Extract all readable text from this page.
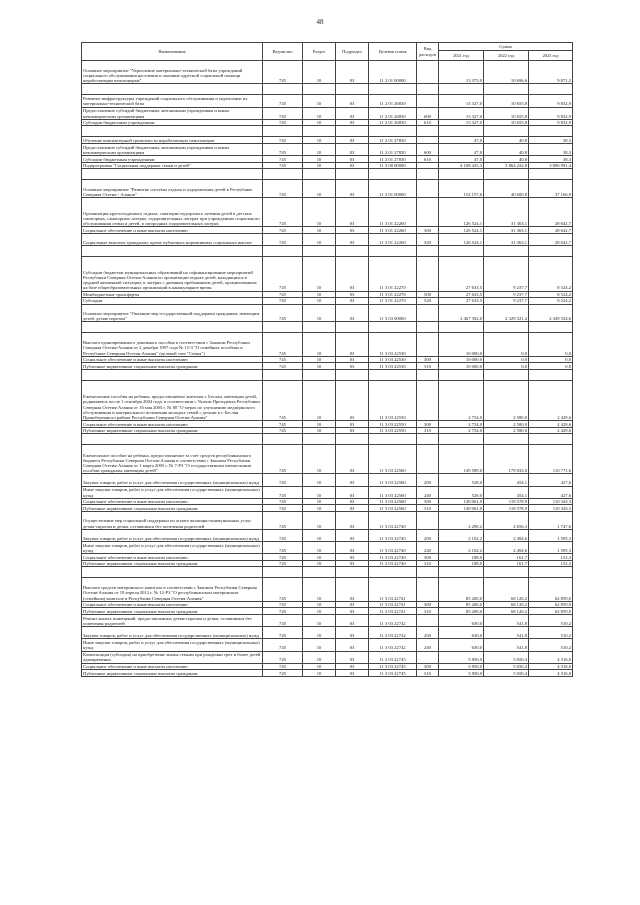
48
Наименование	Ведомство	Раздел	Подраздел	Целевая статья	Вид расходов	Сумма		
						2021 год	2022 год	2023 год
Основное мероприятие "Укрепление материально-технической базы учреждений социального обслуживания населения и оказание адресной социальной помощи неработающим пенсионерам"	745	10	03	11 2 01 00000		13 375,0	10 696,6	9 871,2

Развитие инфраструктуры учреждений социального обслуживания и укрепление их материально-технической базы	745	10	03	11 2 01 26830		13 327,0	10 655,8	9 832,9
Предоставление субсидий бюджетным, автономным учреждениям и иным некоммерческим организациям	745	10	03	11 2 01 26830	600	13 327,0	10 655,8	9 832,9
Субсидии бюджетным учреждениям	745	10	03	11 2 01 26830	610	13 327,0	10 655,8	9 832,9

Обучение компьютерной грамотности неработающих пенсионеров	745	10	03	11 2 01 27830		47,0	40,8	38,3
Предоставление субсидий бюджетным, автономным учреждениям и иным некоммерческим организациям	745	10	03	11 2 01 27830	600	47,0	40,8	38,3
Субсидии бюджетным учреждениям	745	10	03	11 2 01 27830	610	47,0	40,8	38,3
Подпрограмма "Социальная поддержка семьи и детей"	745	10	03	11 3 00 00000		4 108 435,3	3 864 222,8	3 896 991,4

Основное мероприятие "Развитие системы отдыха и оздоровления детей в Республике Северная Осетия - Алания"	745	10	03	11 3 01 00000		154 157,6	40 600,8	37 166,9
Организация круглогодичного отдыха, санаторно-курортного лечения детей в детских санаториях, санаторных лагерях, оздоровительных лагерях при учреждениях социального обслуживания семьи и детей, в загородных оздоровительных лагерях	745	10	03	11 3 01 22260		126 524,1	31 363,1	28 642,7
Социальное обеспечение и иные выплаты населению	745	10	03	11 3 01 22260	300	126 524,1	31 363,1	28 642,7
Социальные выплаты гражданам, кроме публичных нормативных социальных выплат	745	10	03	11 3 01 22260	320	126 524,1	31 363,1	28 642,7

Субсидии бюджетам муниципальных образований на софинансирование мероприятий Республики Северная Осетия-Алания по организации отдыха детей, находящихся в трудной жизненной ситуации, в лагерях с дневным пребыванием детей, организованных на базе общеобразовательных организаций в каникулярное время	745	10	03	11 3 01 22270		27 633,5	9 237,7	8 524,2
Межбюджетные трансферты	745	10	03	11 3 01 22270	500	27 633,5	9 237,7	8 524,2
Субсидии	745	10	03	11 3 01 22270	520	27 633,5	9 237,7	8 524,2
Основное мероприятие "Оказание мер государственной поддержки гражданам, имеющим детей, детям-сиротам"	745	10	03	11 3 03 00000		2 467 392,0	2 329 521,4	2 349 334,6

Выплата единовременного денежного пособия в соответствии с Законом Республики Северная Осетия-Алания от 2 декабря 1997 года № 15-З "О семейных пособиях в Республике Северная Осетия-Алания" (целевой счет "Семья")	745	10	03	11 3 03 22530		10 000,0	0,0	0,0
Социальное обеспечение и иные выплаты населению	745	10	03	11 3 03 22530	300	10 000,0	0,0	0,0
Публичные нормативные социальные выплаты гражданам	745	10	03	11 3 03 22530	310	10 000,0	0,0	0,0

Ежемесячные пособия на ребенка, предоставляемое жителям г. Беслан, имеющим детей, родившимся после 1 сентября 2004 года, в соответствии с Указом Президента Республики Северная Осетия-Алания от 16 мая 2005 г. № 80 "О мерах по улучшению медицинского обслуживания и материального положения молодых семей с детьми в г. Беслан Правобережного района Республики Северная Осетия-Алания"	745	10	03	11 3 03 22550		2 754,0	2 580,0	2 429,6
Социальное обеспечение и иные выплаты населению	745	10	03	11 3 03 22550	300	2 754,0	2 580,0	2 429,6
Публичные нормативные социальные выплаты гражданам	745	10	03	11 3 03 22550	310	2 754,0	2 580,0	2 429,6

Ежемесячное пособие на ребенка, предоставляемое за счет средств республиканского бюджета Республики Северная Осетия-Алания в соответствии с Законом Республики Северная Осетия-Алания от 1 марта 2005 г. № 7-РЗ "О государственном ежемесячном пособии гражданам, имеющим детей"	745	10	03	11 3 03 22560		149 589,0	179 033,0	110 771,6
Закупка товаров, работ и услуг для обеспечения государственных (муниципальных) нужд	745	10	03	11 3 03 22560	200	528,0	454,1	427,6
Иные закупки товаров, работ и услуг для обеспечения государственных (муниципальных) нужд	745	10	03	11 3 03 22560	240	528,0	454,1	427,6
Социальное обеспечение и иные выплаты населению	745	10	03	11 3 03 22560	300	149 061,0	118 578,9	110 343,3
Публичные нормативные социальные выплаты гражданам	745	10	03	11 3 03 22560	310	149 061,0	118 578,9	110 343,3
Осуществление мер социальной поддержки по оплате жилищно-коммунальных услуг детям-сиротам и детям, оставшимся без попечения родителей	745	10	03	11 3 03 22740		2 290,2	2 656,3	1 747,6
Закупка товаров, работ и услуг для обеспечения государственных (муниципальных) нужд	745	10	03	11 3 03 22740	200	2 102,2	2 494,6	1 595,3
Иные закупки товаров, работ и услуг для обеспечения государственных (муниципальных) нужд	745	10	03	11 3 03 22740	240	2 102,2	2 494,6	1 595,3
Социальное обеспечение и иные выплаты населению	745	10	03	11 3 03 22740	300	188,0	161,7	152,3
Публичные нормативные социальные выплаты гражданам	745	10	03	11 3 03 22740	310	188,0	161,7	152,3

Выплата средств материнского капитала в соответствии с Законом Республики Северная Осетия-Алания от 18 апреля 2012 г. № 12-РЗ "О республиканском материнском (семейном) капитале в Республике Северная Осетия-Алания"	745	10	03	11 3 03 22741		85 200,0	68 120,2	62 859,0
Социальное обеспечение и иные выплаты населению	745	10	03	11 3 03 22741	300	85 200,0	68 120,2	62 859,0
Публичные нормативные социальные выплаты гражданам	745	10	03	11 3 03 22741	310	85 200,0	68 120,2	62 859,0
Ремонт жилых помещений, предоставленных детям-сиротам и детям, оставшимся без попечения родителей	745	10	03	11 3 03 22742		630,0	541,8	510,2
Закупка товаров, работ и услуг для обеспечения государственных (муниципальных) нужд	745	10	03	11 3 03 22742	200	630,0	541,8	510,2
Иные закупки товаров, работ и услуг для обеспечения государственных (муниципальных) нужд	745	10	03	11 3 03 22742	240	630,0	541,8	510,2
Компенсация (субсидия) на приобретение жилья семьям при рождении трех и более детей одновременно	745	10	03	11 3 03 22745		5 850,0	5 650,4	4 316,0
Социальное обеспечение и иные выплаты населению	745	10	03	11 3 03 22745	300	5 850,0	5 650,4	4 316,0
Публичные нормативные социальные выплаты гражданам	745	10	03	11 3 03 22745	310	5 850,0	5 650,4	4 316,0
